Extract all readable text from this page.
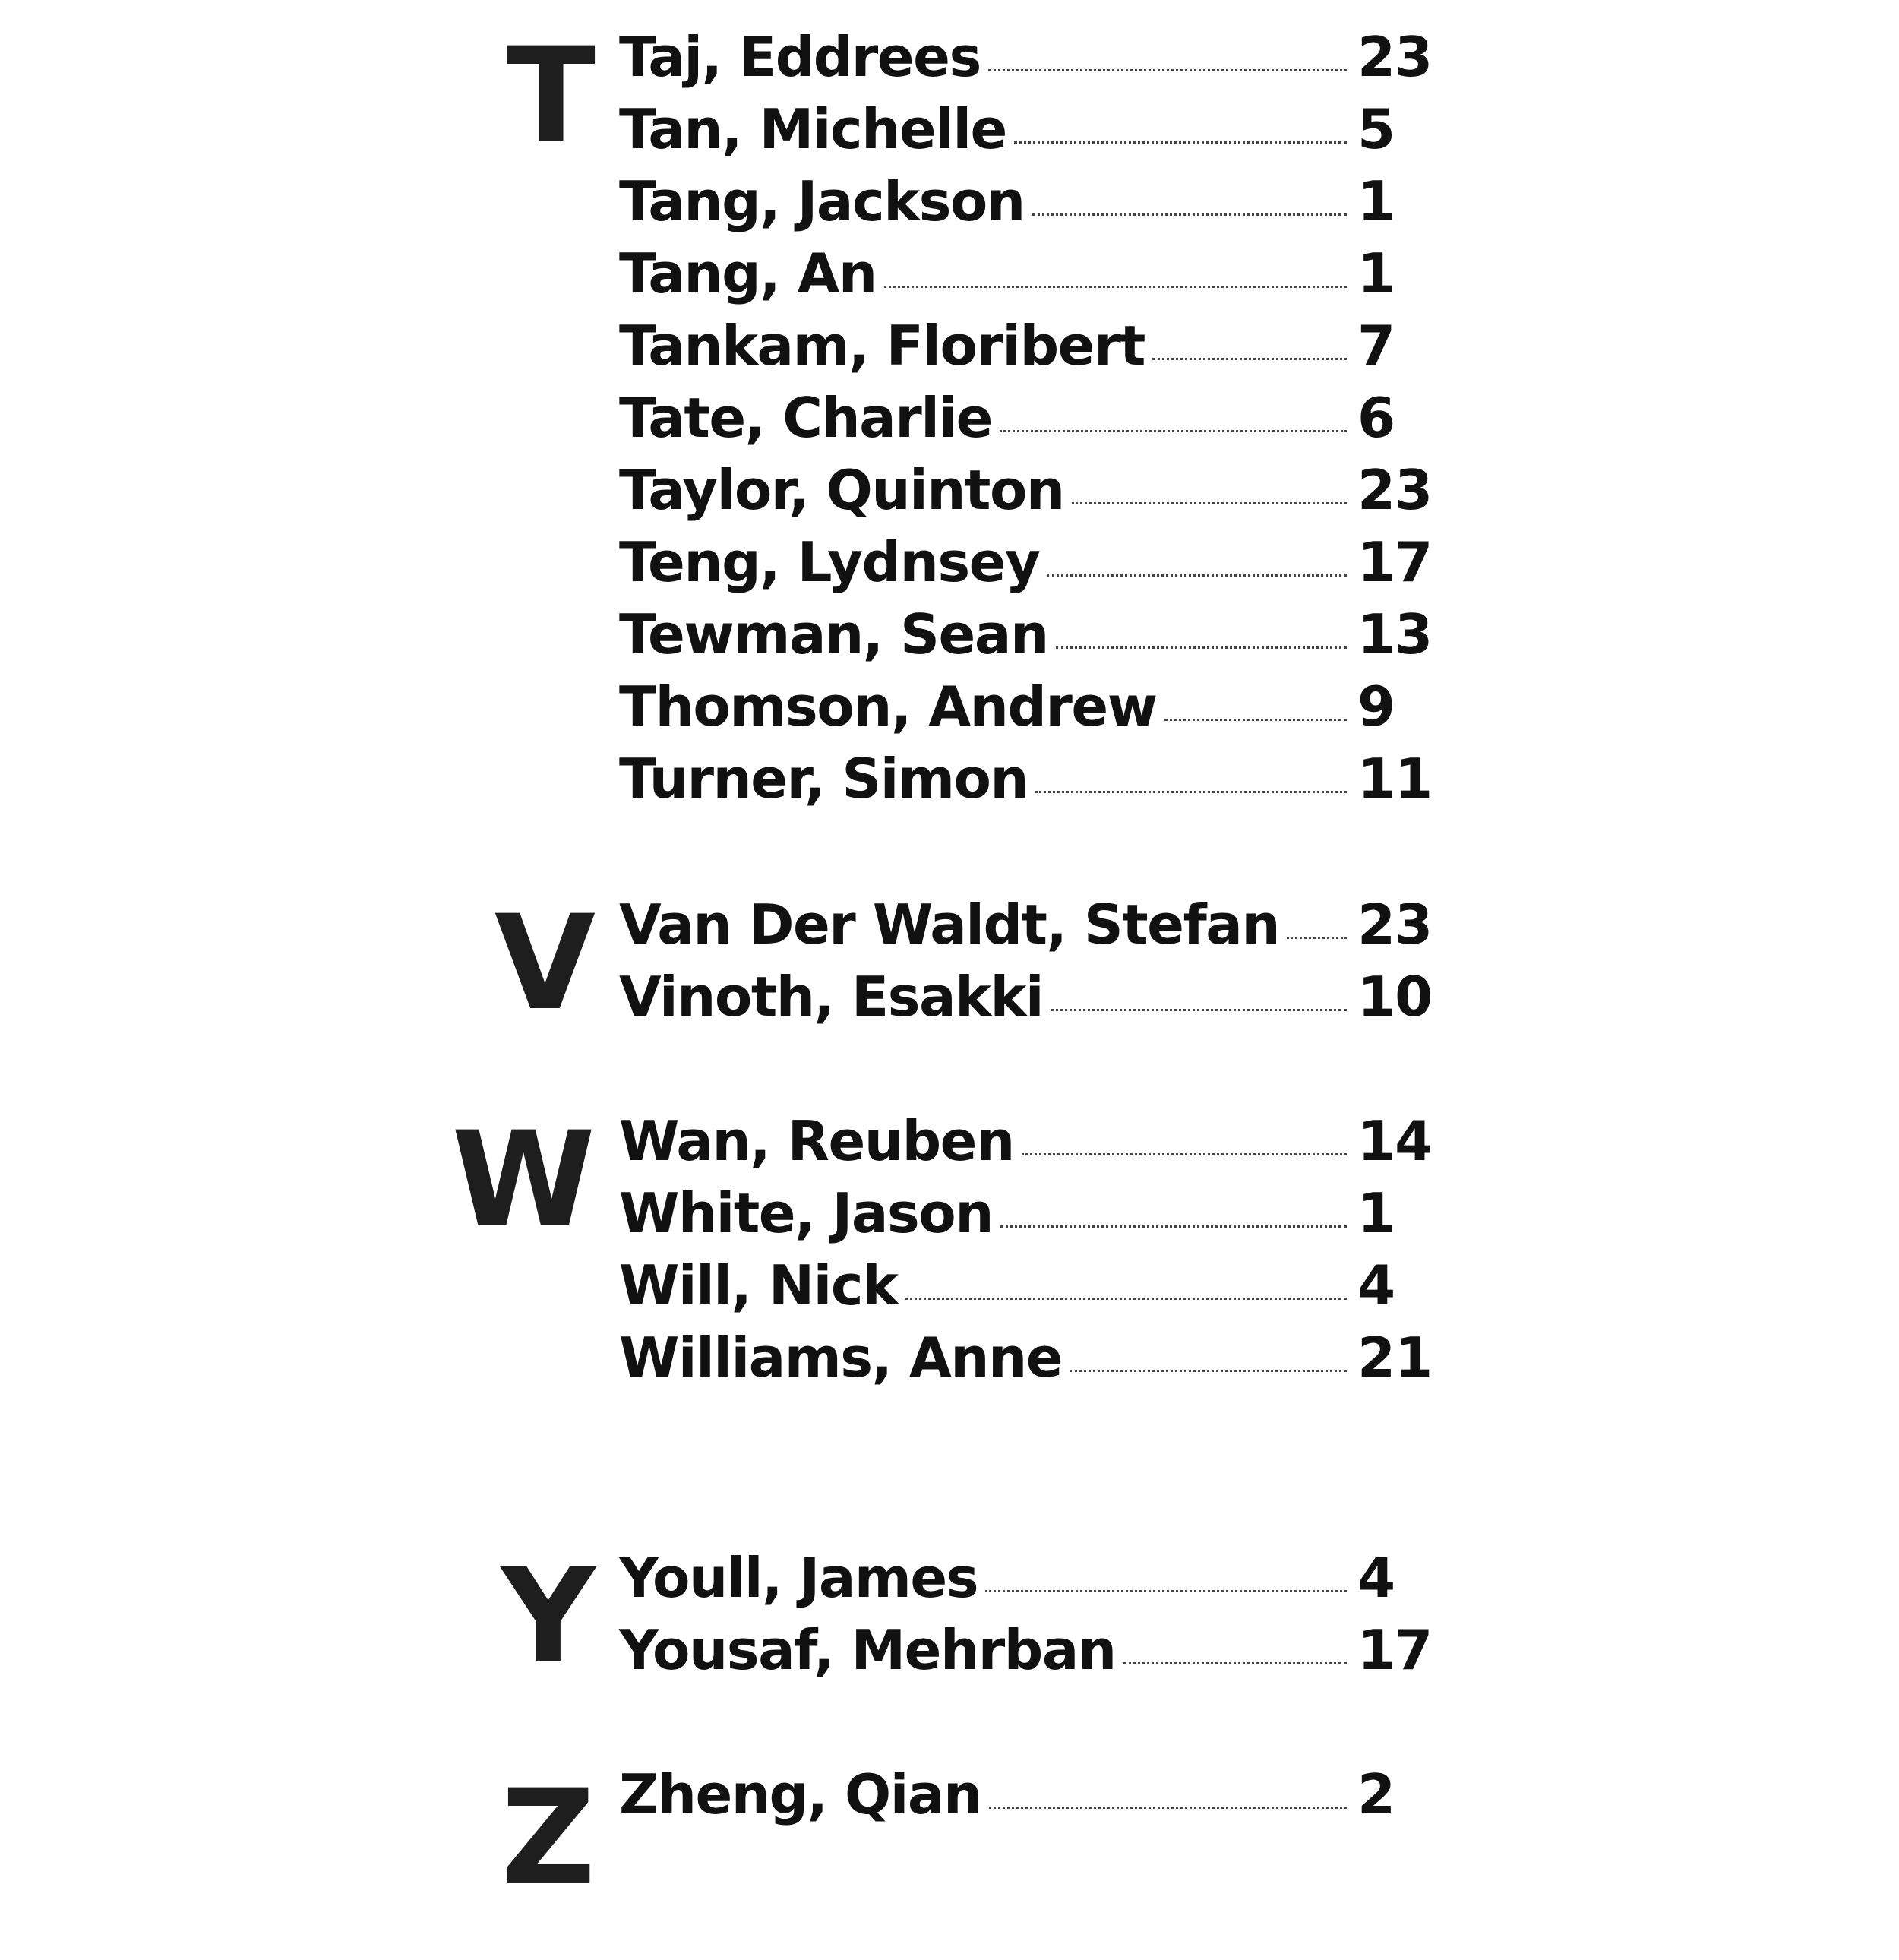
T Taj, Eddrees	23
Tan, Michelle	5
Tang, Jackson	1
Tang, An	1
Tankam, Floribert	7
Tate, Charlie	6
Taylor, Quinton	23
Teng, Lydnsey	17
Tewman, Sean	13
Thomson, Andrew	9
Turner, Simon	11
V Van Der Waldt, Stefan 23
Vinoth, Esakki	10
W Wan, Reuben	14
White, Jason	1
Will, Nick	4
Williams, Anne	21
Y Youll, James	4
Yousaf, Mehrban	17
Z Zheng, Qian	2
